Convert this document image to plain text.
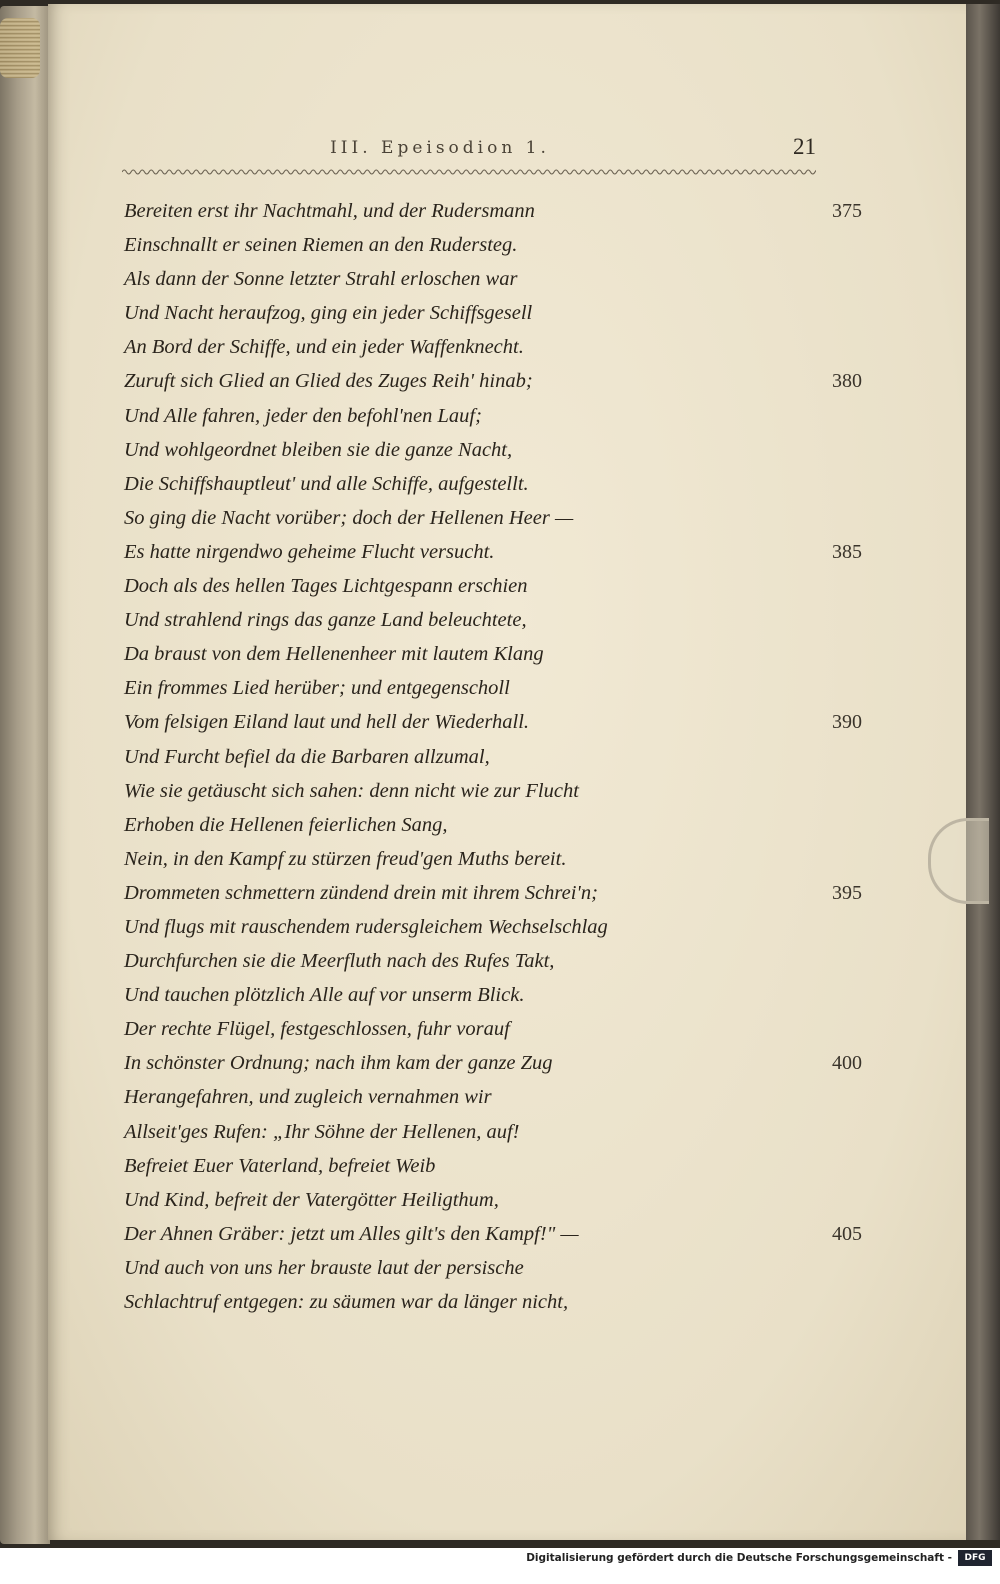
III. Epeisodion 1.	21
Bereiten erst ihr Nachtmahl, und der Rudersmann	375
Einschnallt er seinen Riemen an den Rudersteg.
Als dann der Sonne letzter Strahl erloschen war
Und Nacht heraufzog, ging ein jeder Schiffsgesell
An Bord der Schiffe, und ein jeder Waffenknecht.
Zuruft sich Glied an Glied des Zuges Reih' hinab;	380
Und Alle fahren, jeder den befohl'nen Lauf;
Und wohlgeordnet bleiben sie die ganze Nacht,
Die Schiffshauptleut' und alle Schiffe, aufgestellt.
So ging die Nacht vorüber; doch der Hellenen Heer —
Es hatte nirgendwo geheime Flucht versucht.	385
Doch als des hellen Tages Lichtgespann erschien
Und strahlend rings das ganze Land beleuchtete,
Da braust von dem Hellenenheer mit lautem Klang
Ein frommes Lied herüber; und entgegenscholl
Vom felsigen Eiland laut und hell der Wiederhall.	390
Und Furcht befiel da die Barbaren allzumal,
Wie sie getäuscht sich sahen: denn nicht wie zur Flucht
Erhoben die Hellenen feierlichen Sang,
Nein, in den Kampf zu stürzen freud'gen Muths bereit.
Drommeten schmettern zündend drein mit ihrem Schrei'n;	395
Und flugs mit rauschendem rudersgleichem Wechselschlag
Durchfurchen sie die Meerfluth nach des Rufes Takt,
Und tauchen plötzlich Alle auf vor unserm Blick.
Der rechte Flügel, festgeschlossen, fuhr vorauf
In schönster Ordnung; nach ihm kam der ganze Zug	400
Herangefahren, und zugleich vernahmen wir
Allseit'ges Rufen: „Ihr Söhne der Hellenen, auf!
Befreiet Euer Vaterland, befreiet Weib
Und Kind, befreit der Vatergötter Heiligthum,
Der Ahnen Gräber: jetzt um Alles gilt's den Kampf!" —	405
Und auch von uns her brauste laut der persische
Schlachtruf entgegen: zu säumen war da länger nicht,
Digitalisierung gefördert durch die Deutsche Forschungsgemeinschaft -	DFG
